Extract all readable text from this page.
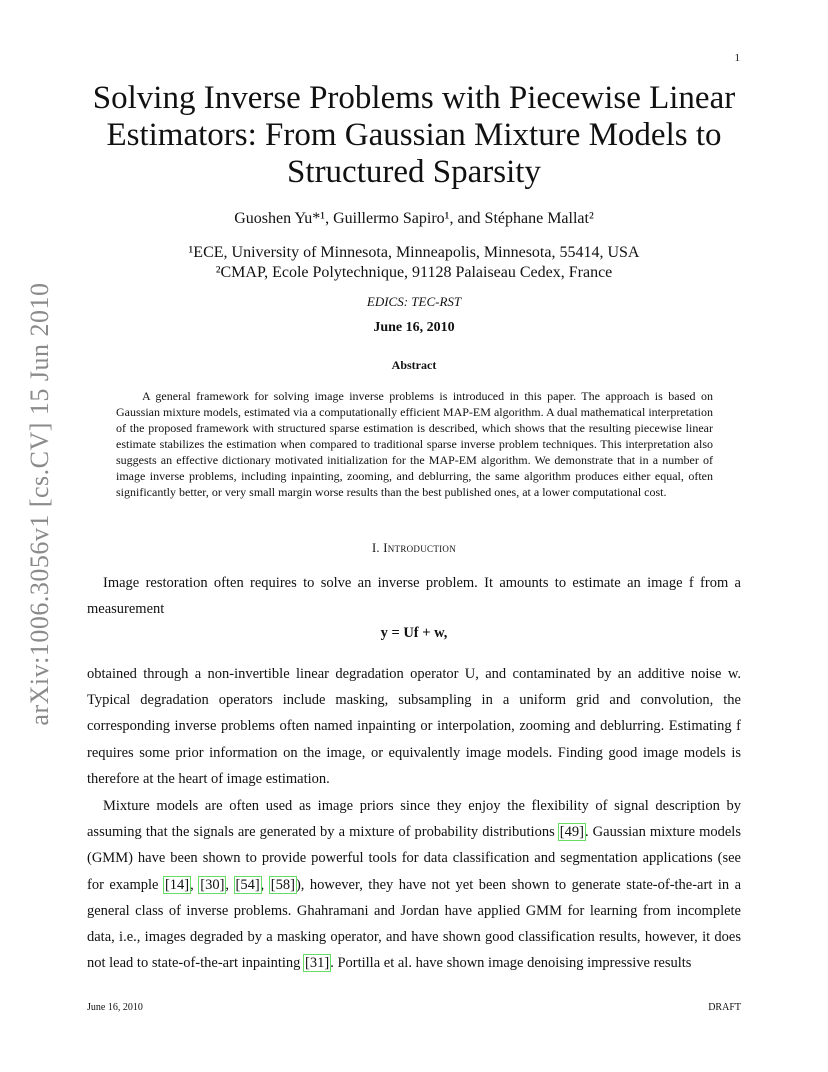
1
arXiv:1006.3056v1 [cs.CV] 15 Jun 2010
Solving Inverse Problems with Piecewise Linear Estimators: From Gaussian Mixture Models to Structured Sparsity
Guoshen Yu*¹, Guillermo Sapiro¹, and Stéphane Mallat²
¹ECE, University of Minnesota, Minneapolis, Minnesota, 55414, USA
²CMAP, Ecole Polytechnique, 91128 Palaiseau Cedex, France
EDICS: TEC-RST
June 16, 2010
Abstract
A general framework for solving image inverse problems is introduced in this paper. The approach is based on Gaussian mixture models, estimated via a computationally efficient MAP-EM algorithm. A dual mathematical interpretation of the proposed framework with structured sparse estimation is described, which shows that the resulting piecewise linear estimate stabilizes the estimation when compared to traditional sparse inverse problem techniques. This interpretation also suggests an effective dictionary motivated initialization for the MAP-EM algorithm. We demonstrate that in a number of image inverse problems, including inpainting, zooming, and deblurring, the same algorithm produces either equal, often significantly better, or very small margin worse results than the best published ones, at a lower computational cost.
I. Introduction
Image restoration often requires to solve an inverse problem. It amounts to estimate an image f from a measurement
y = Uf + w,
obtained through a non-invertible linear degradation operator U, and contaminated by an additive noise w. Typical degradation operators include masking, subsampling in a uniform grid and convolution, the corresponding inverse problems often named inpainting or interpolation, zooming and deblurring. Estimating f requires some prior information on the image, or equivalently image models. Finding good image models is therefore at the heart of image estimation.
Mixture models are often used as image priors since they enjoy the flexibility of signal description by assuming that the signals are generated by a mixture of probability distributions [49]. Gaussian mixture models (GMM) have been shown to provide powerful tools for data classification and segmentation applications (see for example [14], [30], [54], [58]), however, they have not yet been shown to generate state-of-the-art in a general class of inverse problems. Ghahramani and Jordan have applied GMM for learning from incomplete data, i.e., images degraded by a masking operator, and have shown good classification results, however, it does not lead to state-of-the-art inpainting [31]. Portilla et al. have shown image denoising impressive results
June 16, 2010	DRAFT
